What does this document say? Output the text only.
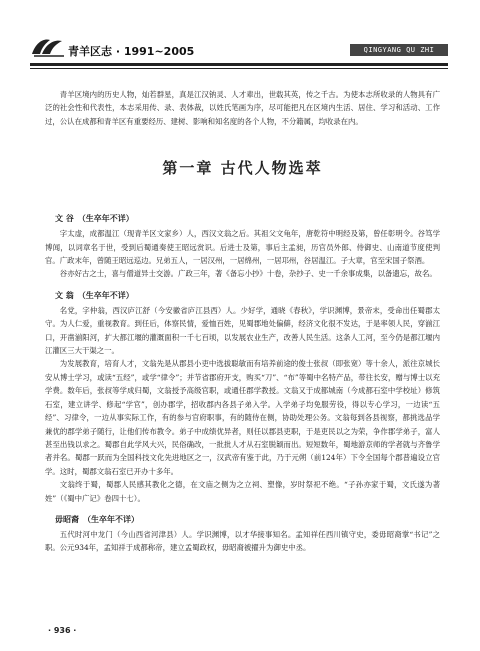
青羊区志 · 1991~2005	QINGYANG QU ZHI

青羊区境内的历史人物，灿若群星，真是江汉钠灵、人才辈出，世载其英，传之千古。为使本志所收录的人物具有广泛的社会性和代表性，本志采用传、录、表体裁，以姓氏笔画为序，尽可能把凡在区境内生活、居住、学习和活动、工作过，公认在成都和青羊区有重要经历、建树、影响和知名度的各个人物，不分籍属，均收录在内。

第一章 古代人物选萃
文 谷 （生卒年不详）

字太虚，成都温江（现青羊区文家乡）人，西汉文翁之后。其祖父文龟年，唐乾符中明经及第，曾任彰明令。谷笃学博闻，以词章名于世，受到后蜀通奏使王昭远赏识。后进士及第，事后主孟昶，历官员外郎、侍御史、山南道节度使判官。广政末年，曾随王昭远巡边。兄弟五人，一居汉州，一居绵州，一居邛州，谷居温江。子大章，官至宋国子祭酒。

谷亦好古之士，喜与僧道异士交游。广政三年，著《备忘小抄》十卷，杂抄子、史一千余事成集，以备遗忘，故名。

文 翁 （生卒年不详）

名党，字仲翁，西汉庐江舒（今安徽省庐江县西）人。少好学，通晓《春秋》，学识渊博，景帝末，受命出任蜀郡太守。为人仁爱，重视教育。到任后，体察民情，爱恤百姓，见蜀郡地处偏僻，经济文化很不发达，于是率领人民，穿湔江口，开凿湔阳河，扩大都江堰的灌溉面积一千七百顷，以发展农业生产，改善人民生活。这条人工河，至今仍是都江堰内江灌区三大干渠之一。

为发展教育，培育人才，文翁先是从郡县小吏中选拔聪敏而有培养前途的俊士张叔（即张宽）等十余人，派往京城长安从博士学习，或读“五经”，或学“律令”；并节省郡府开支，购买“刀”、“布”等蜀中名特产品，带往长安，赠与博士以充学费。数年后，张叔等学成归蜀，文翁授予高级官职，或通任郡学教授。文翁又于成都城南（今成都石室中学校址）修筑石室，建立讲学、修起“学官”，创办郡学，招收郡内各县子弟入学。入学弟子均免服劳役，得以专心学习，一边读“五经”、习律令，一边从事实际工作，有的参与官府职事，有的随侍在侧，协助处理公务。文翁每到各县视察，都挑选品学兼优的郡学弟子随行，让他们传布教令。弟子中成绩优异者，则任以郡县吏职，于是吏民以之为荣，争作郡学弟子，富人甚至出钱以求之。蜀郡自此学风大兴，民俗确改，一批批人才从石室脱颖而出。短短数年，蜀地游京师的学者就与齐鲁学者并名。蜀郡一跃而为全国科技文化先进地区之一，汉武帝有鉴于此，乃于元朔（前124年）下令全国每个郡普遍设立官学。这时，蜀郡文翁石室已开办十多年。

文翁终于蜀，蜀郡人民感其教化之德，在文庙之侧为之立祠、塑像，岁时祭祀不绝。“子孙亦家于蜀，文氏遂为著姓”（《蜀中广记》卷四十七）。

毋昭裔 （生卒年不详）

五代时河中龙门（今山西省河津县）人。学识渊博，以才华接事知名。孟知祥任西川镇守史，委毋昭裔掌“书记”之职。公元934年，孟知祥于成都称帝，建立孟蜀政权，毋昭裔被擢升为御史中丞。

· 936 ·
